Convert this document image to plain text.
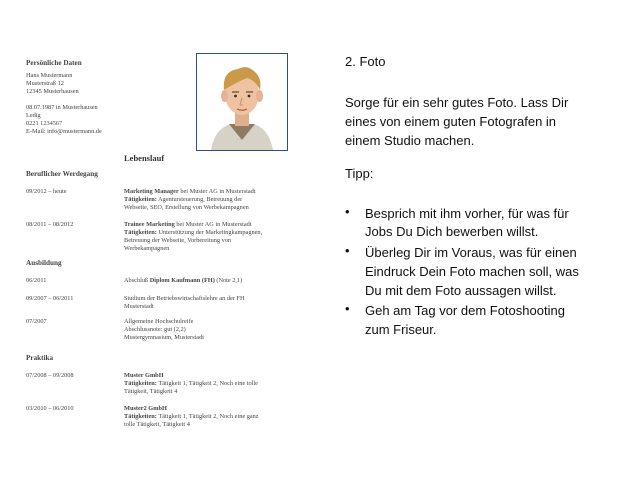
Persönliche Daten
Hans Mustermann
Musterstraß 12
12345 Musterhausen
08.07.1987 in Musterhausen
Ledig
0221 1234567
E-Mail: info@mustermann.de
Lebenslauf
Beruflicher Werdegang
09/2012 – heute	Marketing Manager bei Muster AG in Musterstadt
Tätigkeiten: Agentursteuerung, Betreuung der
Webseite, SEO, Erstellung von Werbekampagnen
08/2011 – 08/2012	Trainee Marketing bei Muster AG in Musterstadt
Tätigkeiten: Unterstützung der Marketingkampagnen,
Betreuung der Webseite, Vorbereitung von
Werbekampagnen
Ausbildung
06/2011	Abschluß Diplom Kaufmann (FH) (Note 2,1)
09/2007 – 06/2011	Studium der Betriebswirtschaftslehre an der FH
Musterstadt
07/2007	Allgemeine Hochschulreife
Abschlussnote: gut (2,2)
Mustergymnasium, Musterstadt
Praktika
07/2008 – 09/2008	Muster GmbH
Tätigkeiten: Tätigkeit 1, Tätigkeit 2, Noch eine tolle
Tätigkeit, Tätigkeit 4
03/2010 – 06/2010	Muster2 GmbH
Tätigkeiten: Tätigkeit 1, Tätigkeit 2, Noch eine ganz
tolle Tätigkeit, Tätigkeit 4
2. Foto
Sorge für ein sehr gutes Foto. Lass Dir
eines von einem guten Fotografen in
einem Studio machen.
Tipp:
• Besprich mit ihm vorher, für was für
Jobs Du Dich bewerben willst.
• Überleg Dir im Voraus, was für einen
Eindruck Dein Foto machen soll, was
Du mit dem Foto aussagen willst.
• Geh am Tag vor dem Fotoshooting
zum Friseur.
